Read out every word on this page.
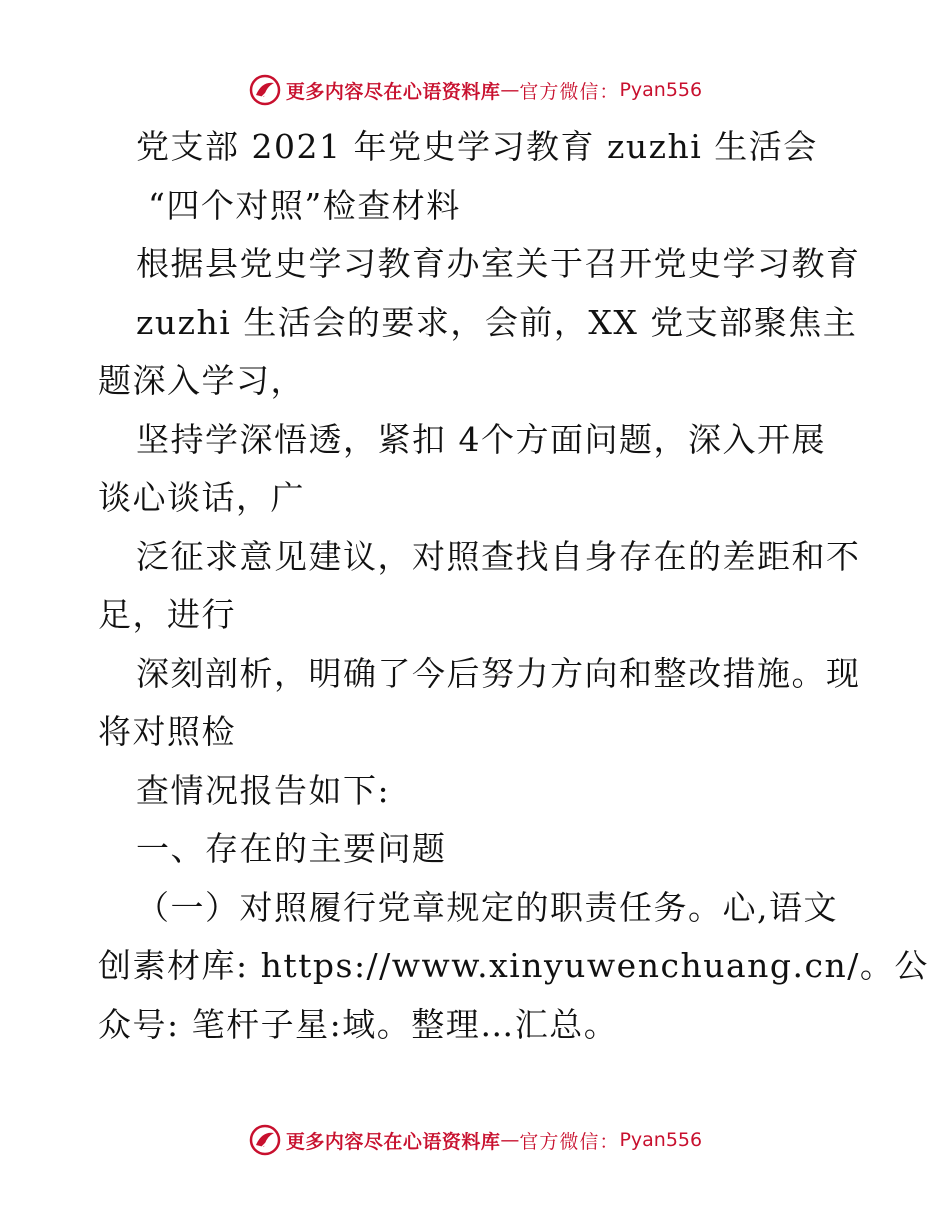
更多内容尽在心语资料库 — 官方微信： Pyan556
党支部 2021 年党史学习教育 zuzhi 生活会
“四个对照”检查材料
根据县党史学习教育办室关于召开党史学习教育
zuzhi 生活会的要求，会前，XX 党支部聚焦主
题深入学习，
坚持学深悟透，紧扣 4个方面问题，深入开展
谈心谈话，广
泛征求意见建议，对照查找自身存在的差距和不
足，进行
深刻剖析，明确了今后努力方向和整改措施。现
将对照检
查情况报告如下:
一、存在的主要问题
（一）对照履行党章规定的职责任务。心,语文
创素材库: https://www.xinyuwenchuang.cn/。公
众号: 笔杆子星:域。整理…汇总。
更多内容尽在心语资料库 — 官方微信： Pyan556
